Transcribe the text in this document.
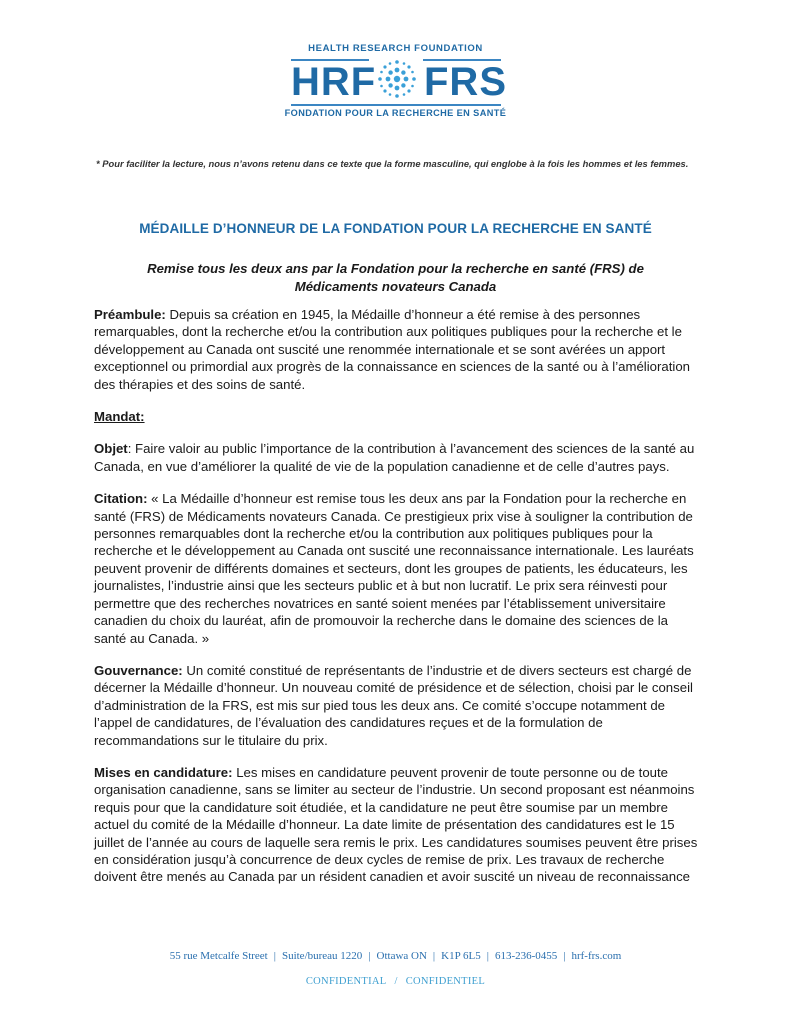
HEALTH RESEARCH FOUNDATION
HRF FRS
FONDATION POUR LA RECHERCHE EN SANTÉ
* Pour faciliter la lecture, nous n’avons retenu dans ce texte que la forme masculine, qui englobe à la fois les hommes et les femmes.
MÉDAILLE D’HONNEUR DE LA FONDATION POUR LA RECHERCHE EN SANTÉ
Remise tous les deux ans par la Fondation pour la recherche en santé (FRS) de Médicaments novateurs Canada

Préambule: Depuis sa création en 1945, la Médaille d’honneur a été remise à des personnes remarquables, dont la recherche et/ou la contribution aux politiques publiques pour la recherche et le développement au Canada ont suscité une renommée internationale et se sont avérées un apport exceptionnel ou primordial aux progrès de la connaissance en sciences de la santé ou à l’amélioration des thérapies et des soins de santé.

Mandat:

Objet: Faire valoir au public l’importance de la contribution à l’avancement des sciences de la santé au Canada, en vue d’améliorer la qualité de vie de la population canadienne et de celle d’autres pays.

Citation: « La Médaille d’honneur est remise tous les deux ans par la Fondation pour la recherche en santé (FRS) de Médicaments novateurs Canada. Ce prestigieux prix vise à souligner la contribution de personnes remarquables dont la recherche et/ou la contribution aux politiques publiques pour la recherche et le développement au Canada ont suscité une reconnaissance internationale. Les lauréats peuvent provenir de différents domaines et secteurs, dont les groupes de patients, les éducateurs, les journalistes, l’industrie ainsi que les secteurs public et à but non lucratif. Le prix sera réinvesti pour permettre que des recherches novatrices en santé soient menées par l’établissement universitaire canadien du choix du lauréat, afin de promouvoir la recherche dans le domaine des sciences de la santé au Canada. »

Gouvernance: Un comité constitué de représentants de l’industrie et de divers secteurs est chargé de décerner la Médaille d’honneur. Un nouveau comité de présidence et de sélection, choisi par le conseil d’administration de la FRS, est mis sur pied tous les deux ans. Ce comité s’occupe notamment de l’appel de candidatures, de l’évaluation des candidatures reçues et de la formulation de recommandations sur le titulaire du prix.

Mises en candidature: Les mises en candidature peuvent provenir de toute personne ou de toute organisation canadienne, sans se limiter au secteur de l’industrie. Un second proposant est néanmoins requis pour que la candidature soit étudiée, et la candidature ne peut être soumise par un membre actuel du comité de la Médaille d’honneur. La date limite de présentation des candidatures est le 15 juillet de l’année au cours de laquelle sera remis le prix. Les candidatures soumises peuvent être prises en considération jusqu’à concurrence de deux cycles de remise de prix. Les travaux de recherche doivent être menés au Canada par un résident canadien et avoir suscité un niveau de reconnaissance

55 rue Metcalfe Street | Suite/bureau 1220 | Ottawa ON | K1P 6L5 | 613-236-0455 | hrf-frs.com
CONFIDENTIAL / CONFIDENTIEL
